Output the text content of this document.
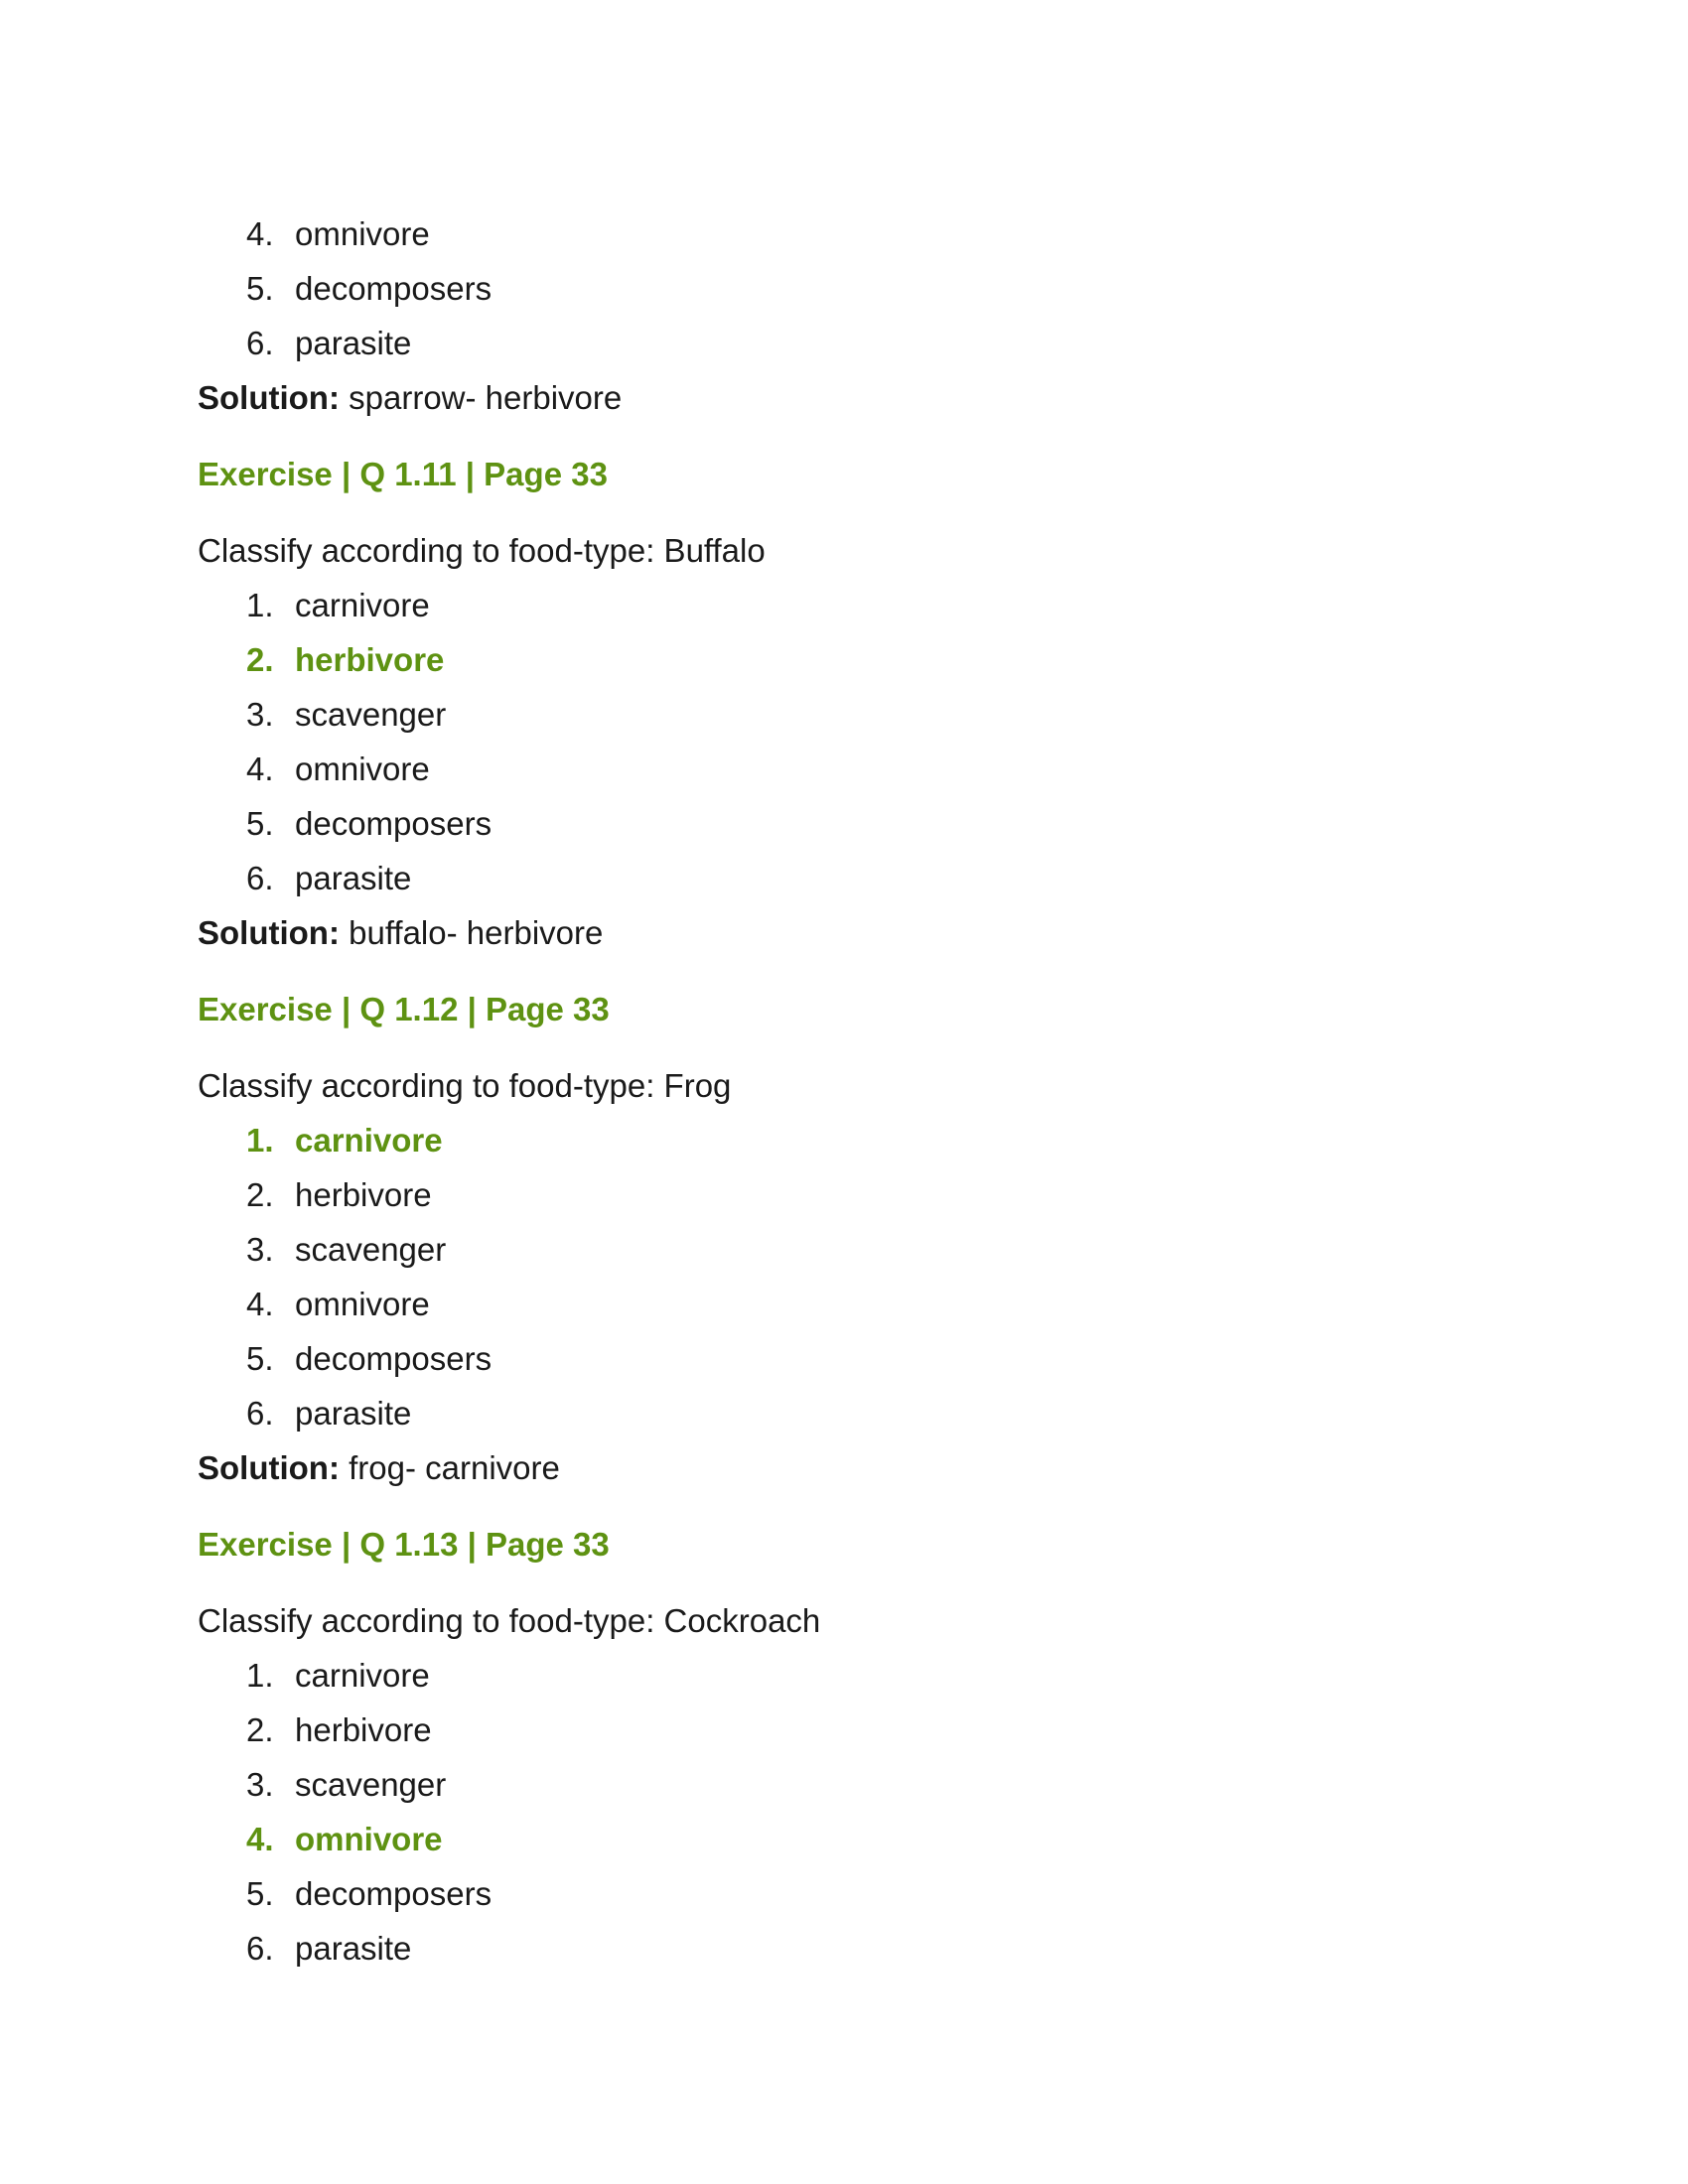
4. omnivore
5. decomposers
6. parasite
Solution: sparrow- herbivore
Exercise | Q 1.11 | Page 33
Classify according to food-type: Buffalo
1. carnivore
2. herbivore
3. scavenger
4. omnivore
5. decomposers
6. parasite
Solution: buffalo- herbivore
Exercise | Q 1.12 | Page 33
Classify according to food-type: Frog
1. carnivore
2. herbivore
3. scavenger
4. omnivore
5. decomposers
6. parasite
Solution: frog- carnivore
Exercise | Q 1.13 | Page 33
Classify according to food-type: Cockroach
1. carnivore
2. herbivore
3. scavenger
4. omnivore
5. decomposers
6. parasite
